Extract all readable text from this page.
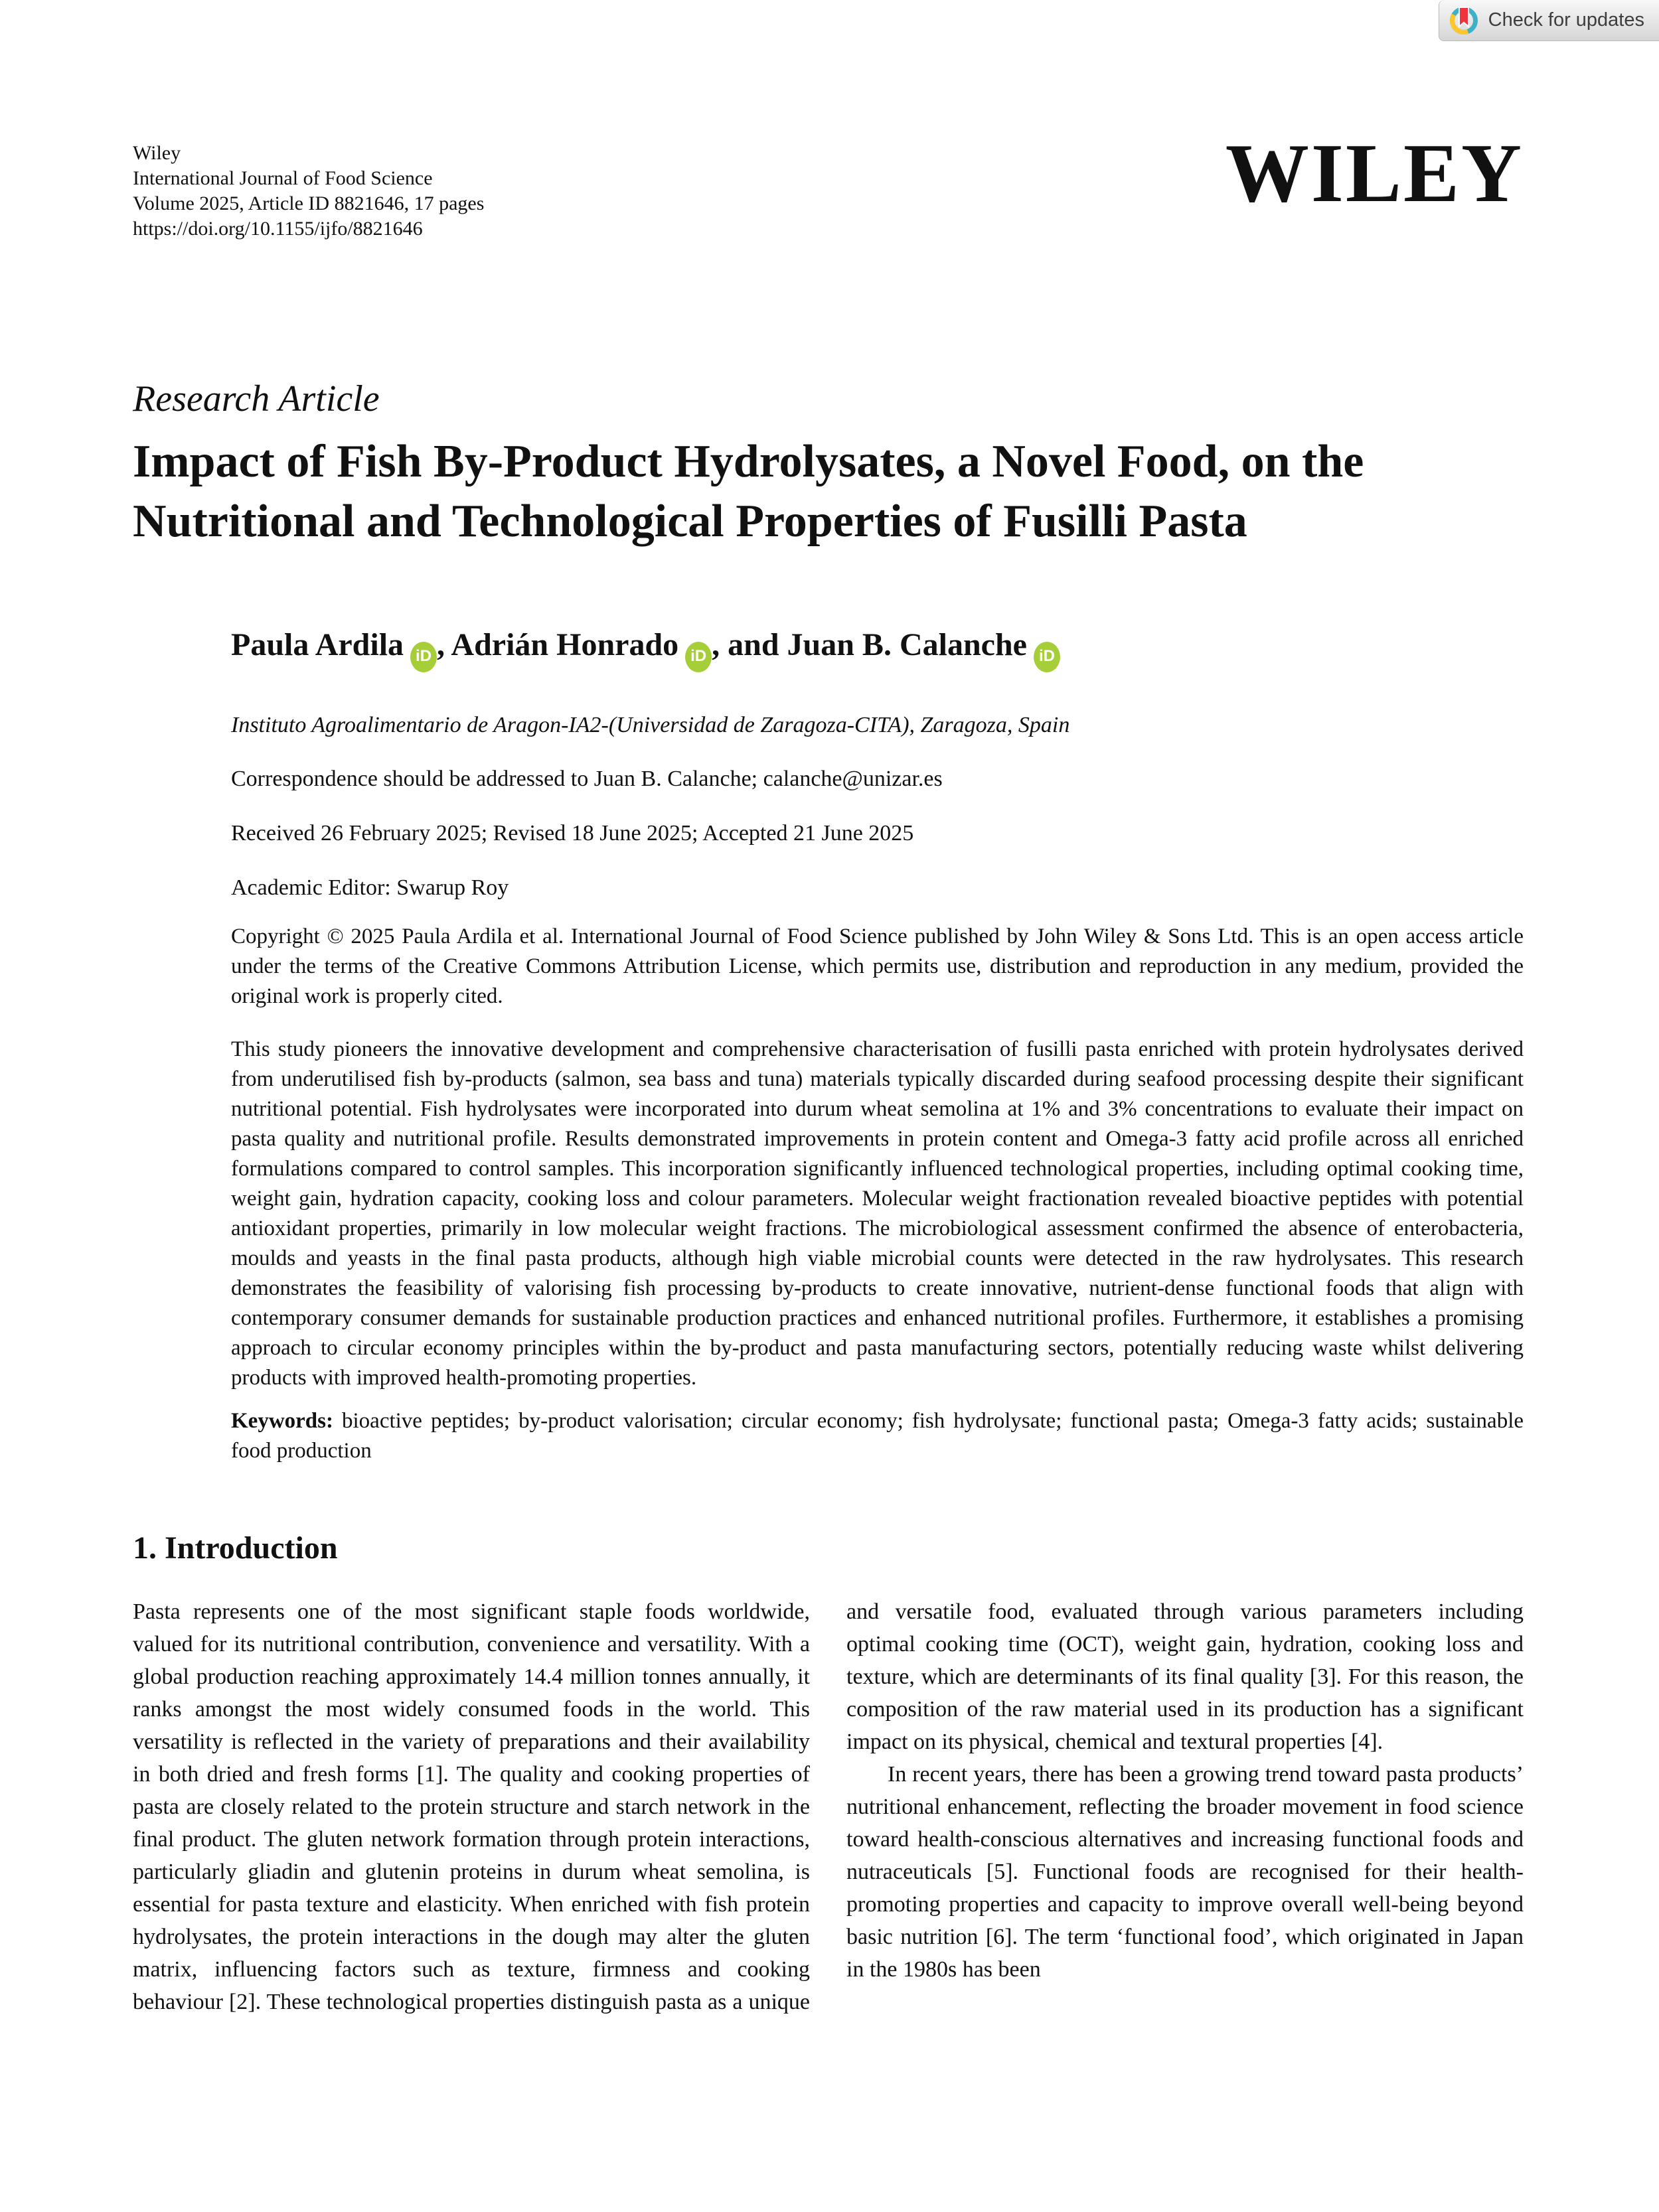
Check for updates
Wiley
International Journal of Food Science
Volume 2025, Article ID 8821646, 17 pages
https://doi.org/10.1155/ijfo/8821646
WILEY
Research Article
Impact of Fish By-Product Hydrolysates, a Novel Food, on the Nutritional and Technological Properties of Fusilli Pasta
Paula Ardila iD , Adrián Honrado iD , and Juan B. Calanche iD
Instituto Agroalimentario de Aragon-IA2-(Universidad de Zaragoza-CITA), Zaragoza, Spain
Correspondence should be addressed to Juan B. Calanche; calanche@unizar.es
Received 26 February 2025; Revised 18 June 2025; Accepted 21 June 2025
Academic Editor: Swarup Roy

Copyright © 2025 Paula Ardila et al. International Journal of Food Science published by John Wiley & Sons Ltd. This is an open access article under the terms of the Creative Commons Attribution License, which permits use, distribution and reproduction in any medium, provided the original work is properly cited.

This study pioneers the innovative development and comprehensive characterisation of fusilli pasta enriched with protein hydrolysates derived from underutilised fish by-products (salmon, sea bass and tuna) materials typically discarded during seafood processing despite their significant nutritional potential. Fish hydrolysates were incorporated into durum wheat semolina at 1% and 3% concentrations to evaluate their impact on pasta quality and nutritional profile. Results demonstrated improvements in protein content and Omega-3 fatty acid profile across all enriched formulations compared to control samples. This incorporation significantly influenced technological properties, including optimal cooking time, weight gain, hydration capacity, cooking loss and colour parameters. Molecular weight fractionation revealed bioactive peptides with potential antioxidant properties, primarily in low molecular weight fractions. The microbiological assessment confirmed the absence of enterobacteria, moulds and yeasts in the final pasta products, although high viable microbial counts were detected in the raw hydrolysates. This research demonstrates the feasibility of valorising fish processing by-products to create innovative, nutrient-dense functional foods that align with contemporary consumer demands for sustainable production practices and enhanced nutritional profiles. Furthermore, it establishes a promising approach to circular economy principles within the by-product and pasta manufacturing sectors, potentially reducing waste whilst delivering products with improved health-promoting properties.

Keywords: bioactive peptides; by-product valorisation; circular economy; fish hydrolysate; functional pasta; Omega-3 fatty acids; sustainable food production

1. Introduction

Pasta represents one of the most significant staple foods worldwide, valued for its nutritional contribution, convenience and versatility. With a global production reaching approximately 14.4 million tonnes annually, it ranks amongst the most widely consumed foods in the world. This versatility is reflected in the variety of preparations and their availability in both dried and fresh forms [1]. The quality and cooking properties of pasta are closely related to the protein structure and starch network in the final product. The gluten network formation through protein interactions, particularly gliadin and glutenin proteins in durum wheat semolina, is essential for pasta texture and elasticity. When enriched with fish protein hydrolysates, the protein interactions in the dough may alter the gluten matrix, influencing factors such as texture, firmness and cooking behaviour [2]. These technological properties distinguish pasta as a unique and versatile food, evaluated through various parameters including optimal cooking time (OCT), weight gain, hydration, cooking loss and texture, which are determinants of its final quality [3]. For this reason, the composition of the raw material used in its production has a significant impact on its physical, chemical and textural properties [4].

In recent years, there has been a growing trend toward pasta products’ nutritional enhancement, reflecting the broader movement in food science toward health-conscious alternatives and increasing functional foods and nutraceuticals [5]. Functional foods are recognised for their health-promoting properties and capacity to improve overall well-being beyond basic nutrition [6]. The term ‘functional food’, which originated in Japan in the 1980s has been
